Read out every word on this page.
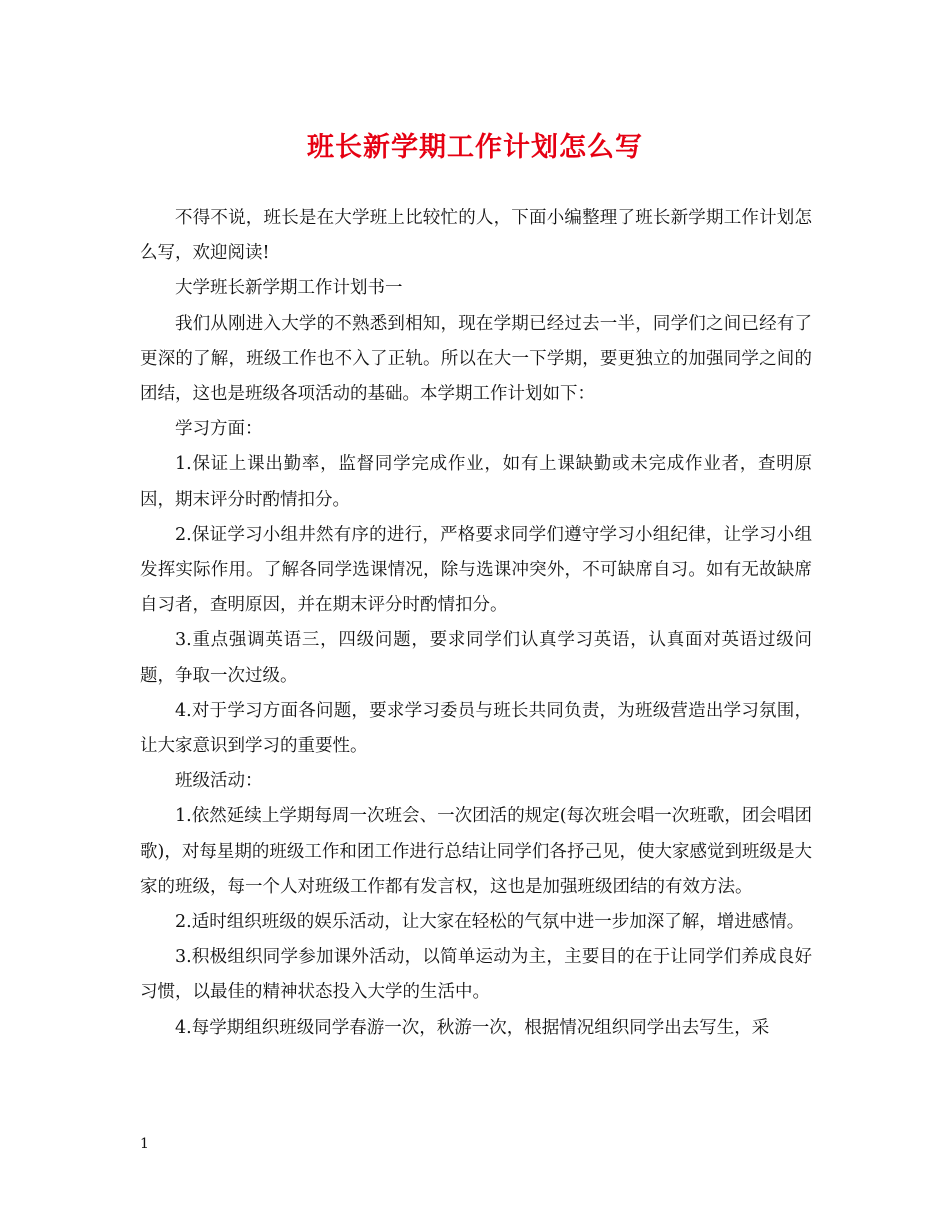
班长新学期工作计划怎么写

不得不说，班长是在大学班上比较忙的人，下面小编整理了班长新学期工作计划怎么写，欢迎阅读!

大学班长新学期工作计划书一

我们从刚进入大学的不熟悉到相知，现在学期已经过去一半，同学们之间已经有了更深的了解，班级工作也不入了正轨。所以在大一下学期，要更独立的加强同学之间的团结，这也是班级各项活动的基础。本学期工作计划如下：

学习方面：

1.保证上课出勤率，监督同学完成作业，如有上课缺勤或未完成作业者，查明原因，期末评分时酌情扣分。

2.保证学习小组井然有序的进行，严格要求同学们遵守学习小组纪律，让学习小组发挥实际作用。了解各同学选课情况，除与选课冲突外，不可缺席自习。如有无故缺席自习者，查明原因，并在期末评分时酌情扣分。

3.重点强调英语三，四级问题，要求同学们认真学习英语，认真面对英语过级问题，争取一次过级。

4.对于学习方面各问题，要求学习委员与班长共同负责，为班级营造出学习氛围，让大家意识到学习的重要性。

班级活动：

1.依然延续上学期每周一次班会、一次团活的规定(每次班会唱一次班歌，团会唱团歌)，对每星期的班级工作和团工作进行总结让同学们各抒己见，使大家感觉到班级是大家的班级，每一个人对班级工作都有发言权，这也是加强班级团结的有效方法。

2.适时组织班级的娱乐活动，让大家在轻松的气氛中进一步加深了解，增进感情。

3.积极组织同学参加课外活动，以简单运动为主，主要目的在于让同学们养成良好习惯，以最佳的精神状态投入大学的生活中。

4.每学期组织班级同学春游一次，秋游一次，根据情况组织同学出去写生，采

1
